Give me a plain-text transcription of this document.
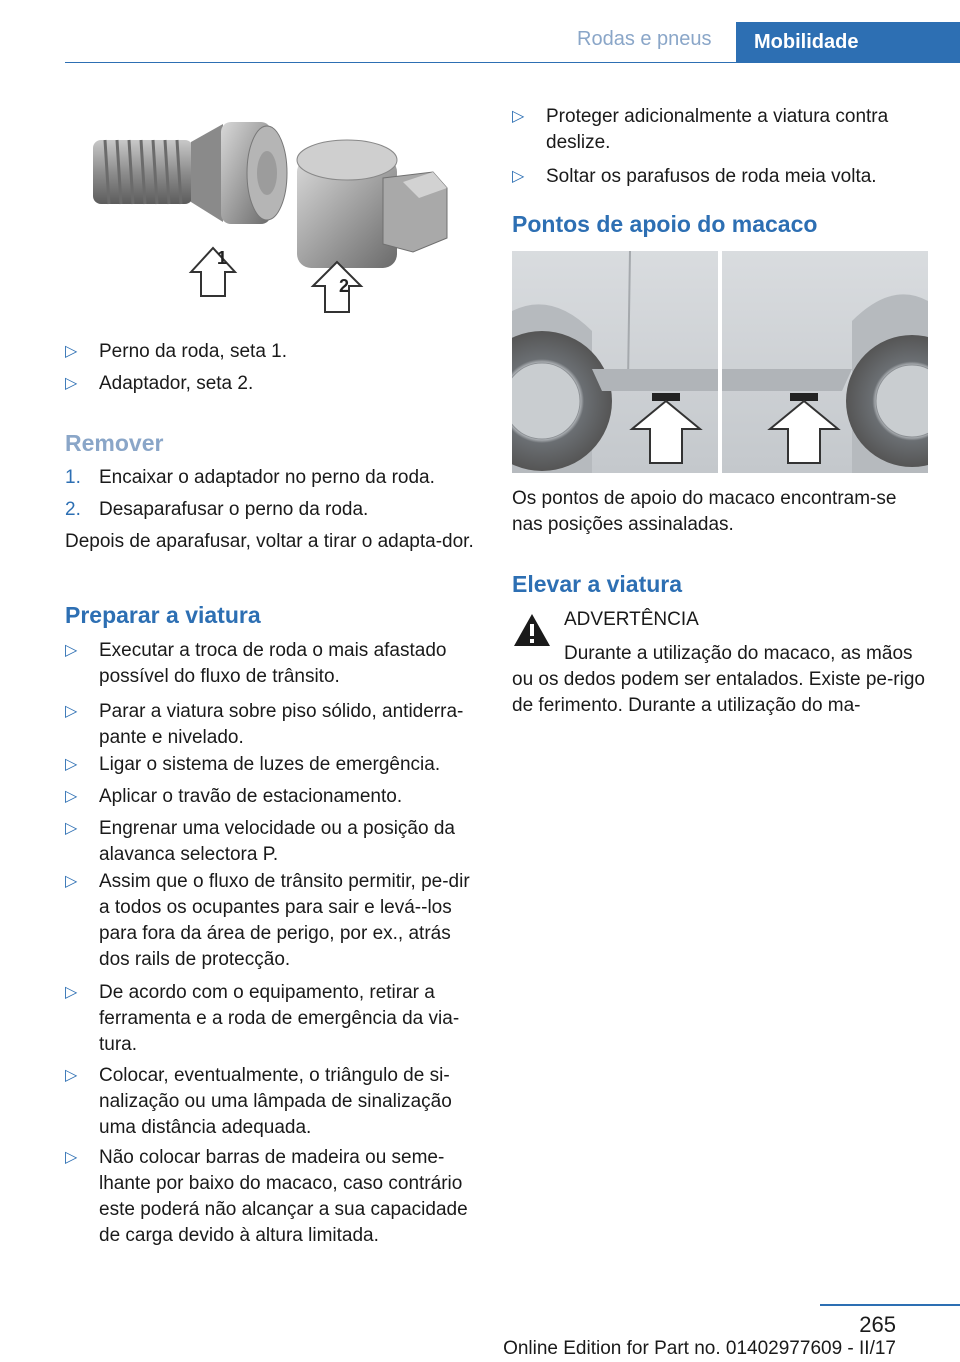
Rodas e pneus	Mobilidade
1
2
▷	Perno da roda, seta 1.
▷	Adaptador, seta 2.
Remover
1. Encaixar o adaptador no perno da roda.
2. Desaparafusar o perno da roda.
Depois de aparafusar, voltar a tirar o adapta-dor.
Preparar a viatura
▷	Executar a troca de roda o mais afastado possível do fluxo de trânsito.
▷	Parar a viatura sobre piso sólido, antiderra-pante e nivelado.
▷	Ligar o sistema de luzes de emergência.
▷	Aplicar o travão de estacionamento.
▷	Engrenar uma velocidade ou a posição da alavanca selectora P.
▷	Assim que o fluxo de trânsito permitir, pe-dir a todos os ocupantes para sair e levá--los para fora da área de perigo, por ex., atrás dos rails de protecção.
▷	De acordo com o equipamento, retirar a ferramenta e a roda de emergência da via-tura.
▷	Colocar, eventualmente, o triângulo de si-nalização ou uma lâmpada de sinalização uma distância adequada.
▷	Não colocar barras de madeira ou seme-lhante por baixo do macaco, caso contrário este poderá não alcançar a sua capacidade de carga devido à altura limitada.
▷	Proteger adicionalmente a viatura contra deslize.
▷	Soltar os parafusos de roda meia volta.
Pontos de apoio do macaco
Os pontos de apoio do macaco encontram-se nas posições assinaladas.
Elevar a viatura
ADVERTÊNCIA
Durante a utilização do macaco, as mãos ou os dedos podem ser entalados. Existe pe-rigo de ferimento. Durante a utilização do ma-
265
Online Edition for Part no. 01402977609 - II/17
